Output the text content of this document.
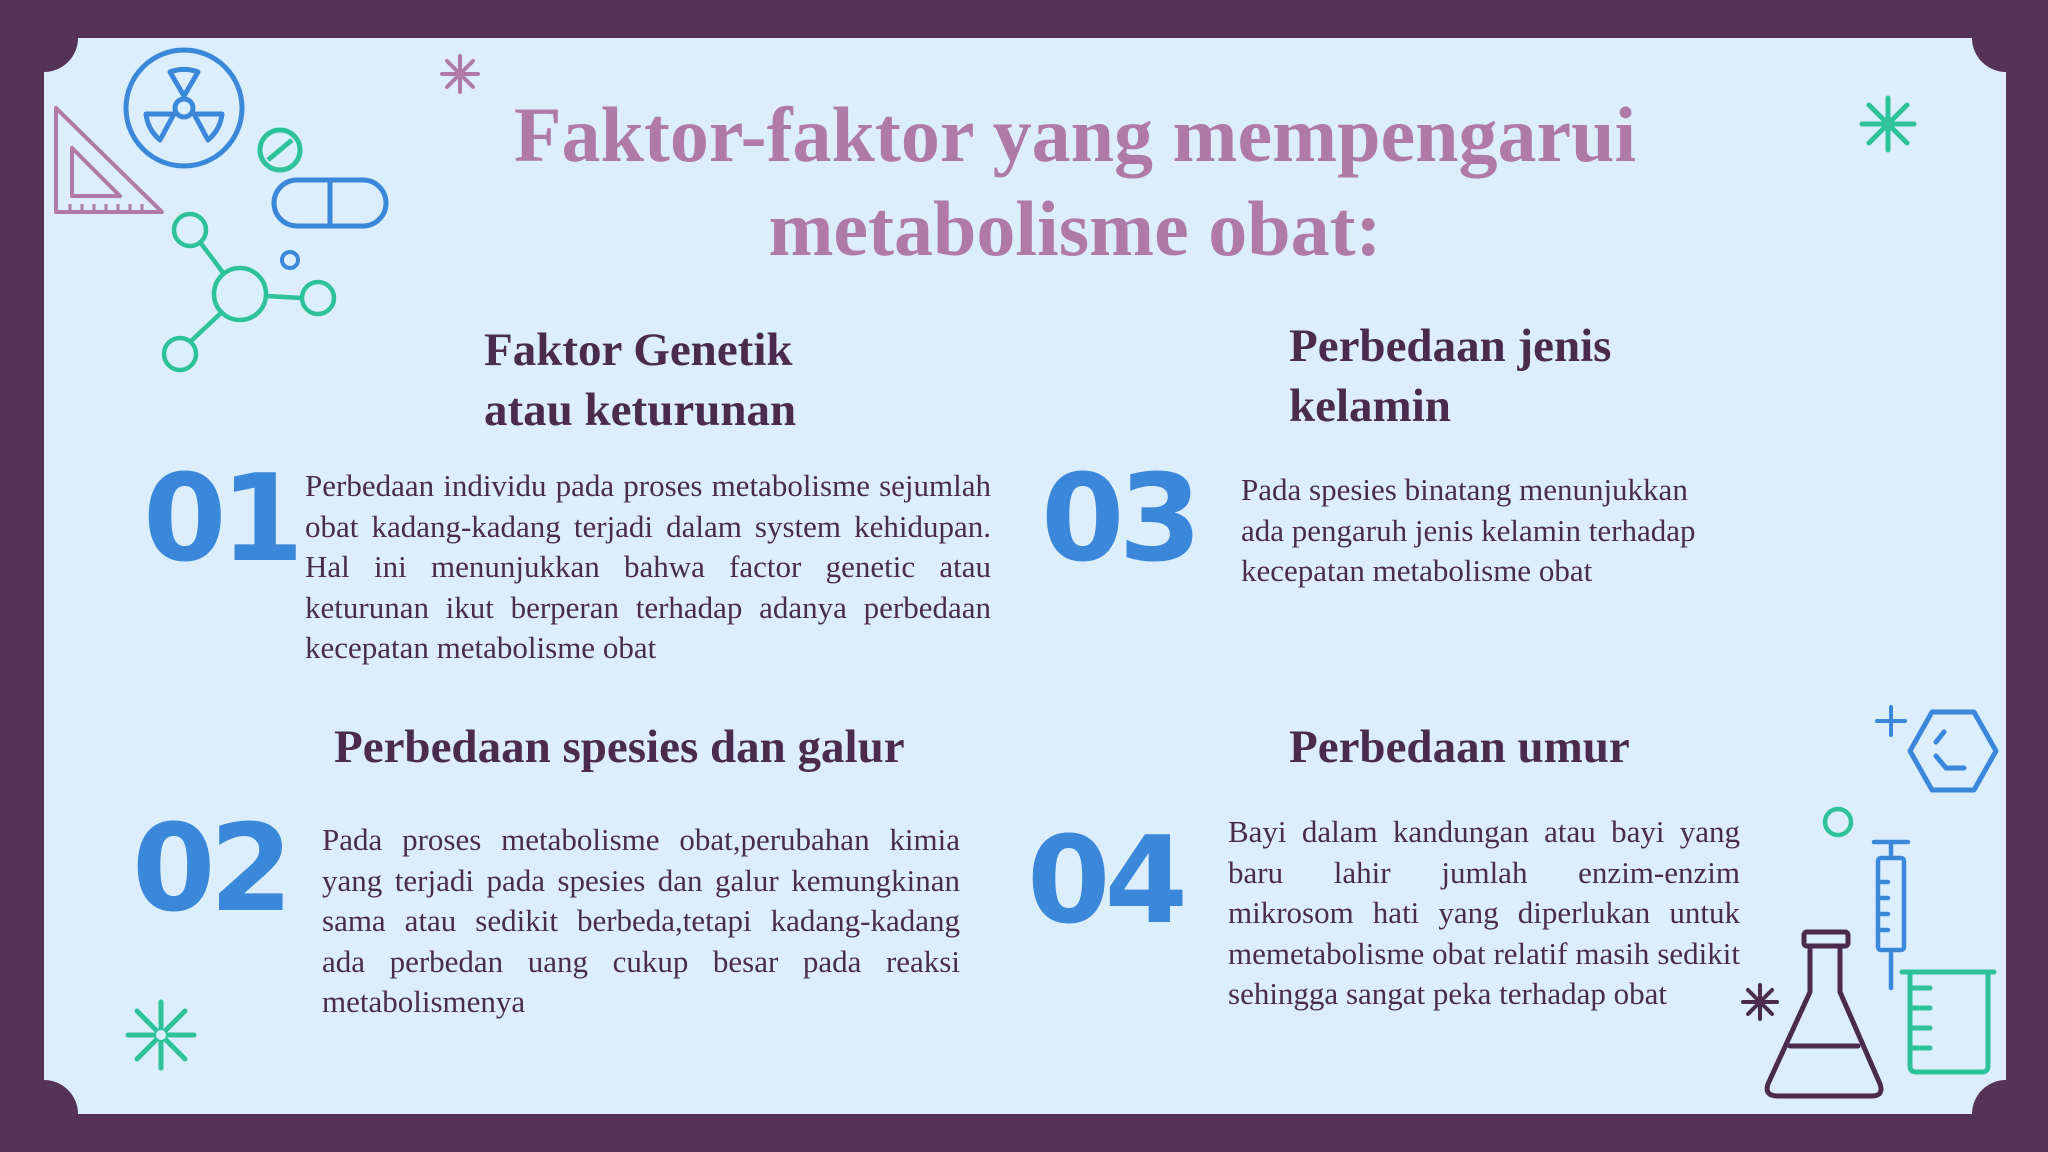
Faktor-faktor yang mempengarui
metabolisme obat:
Faktor Genetik
atau keturunan
01 Perbedaan individu pada proses metabolisme sejumlah obat kadang-kadang terjadi dalam system kehidupan. Hal ini menunjukkan bahwa factor genetic atau keturunan ikut berperan terhadap adanya perbedaan kecepatan metabolisme obat
Perbedaan spesies dan galur
02 Pada proses metabolisme obat,perubahan kimia yang terjadi pada spesies dan galur kemungkinan sama atau sedikit berbeda,tetapi kadang-kadang ada perbedan uang cukup besar pada reaksi metabolismenya
Perbedaan jenis
kelamin
03 Pada spesies binatang menunjukkan
ada pengaruh jenis kelamin terhadap
kecepatan metabolisme obat
Perbedaan umur
04 Bayi dalam kandungan atau bayi yang baru lahir jumlah enzim-enzim mikrosom hati yang diperlukan untuk memetabolisme obat relatif masih sedikit sehingga sangat peka terhadap obat
